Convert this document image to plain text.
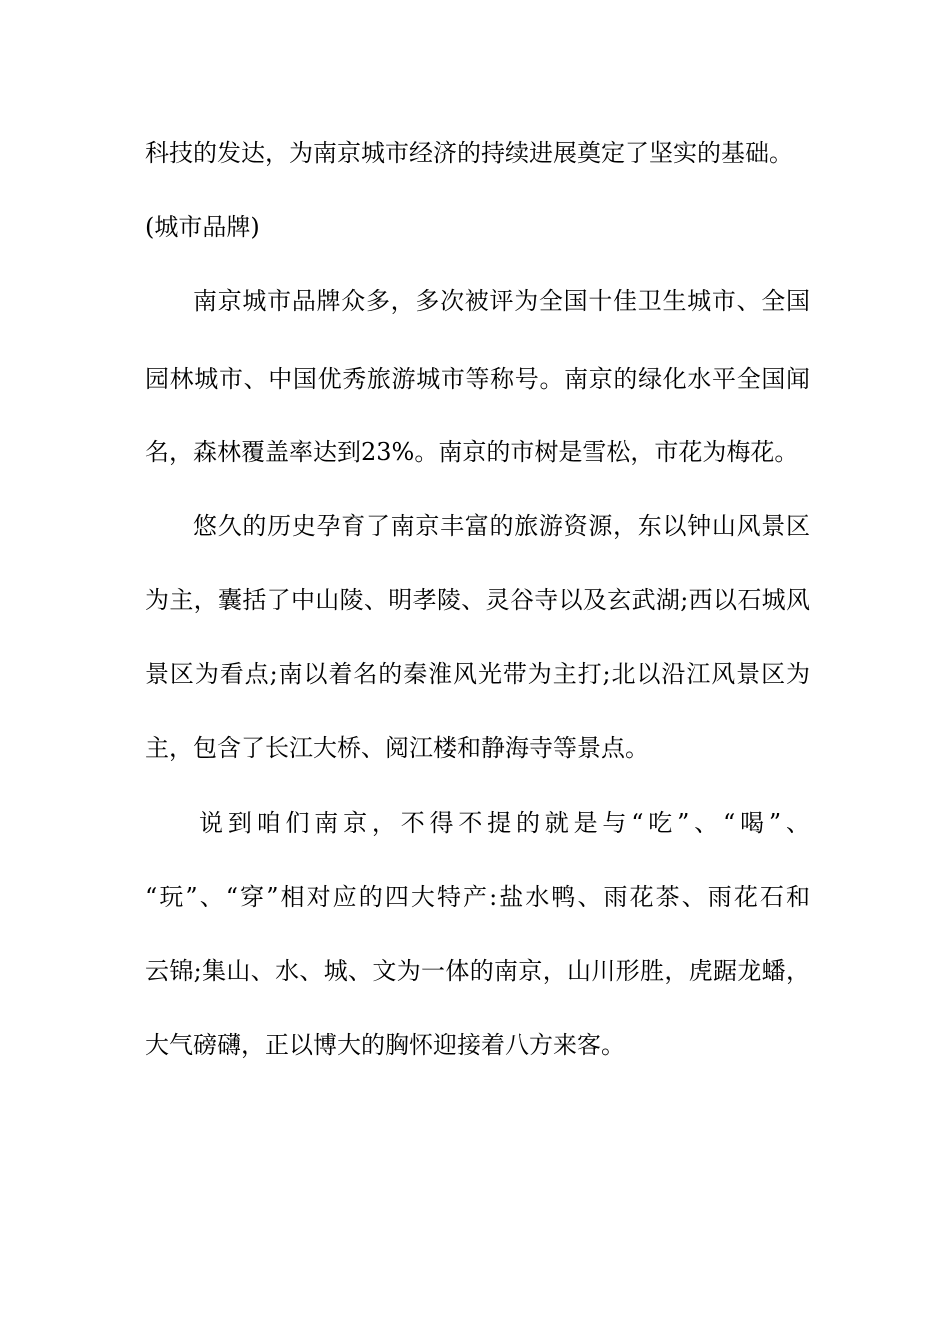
科技的发达，为南京城市经济的持续进展奠定了坚实的基础。
(城市品牌)
南京城市品牌众多，多次被评为全国十佳卫生城市、全国
园林城市、中国优秀旅游城市等称号。南京的绿化水平全国闻
名，森林覆盖率达到23%。南京的市树是雪松，市花为梅花。
悠久的历史孕育了南京丰富的旅游资源，东以钟山风景区
为主，囊括了中山陵、明孝陵、灵谷寺以及玄武湖;西以石城风
景区为看点;南以着名的秦淮风光带为主打;北以沿江风景区为
主，包含了长江大桥、阅江楼和静海寺等景点。
说到咱们南京，不得不提的就是与“吃”、“喝”、
“玩”、“穿”相对应的四大特产:盐水鸭、雨花茶、雨花石和
云锦;集山、水、城、文为一体的南京，山川形胜，虎踞龙蟠，
大气磅礴，正以博大的胸怀迎接着八方来客。
